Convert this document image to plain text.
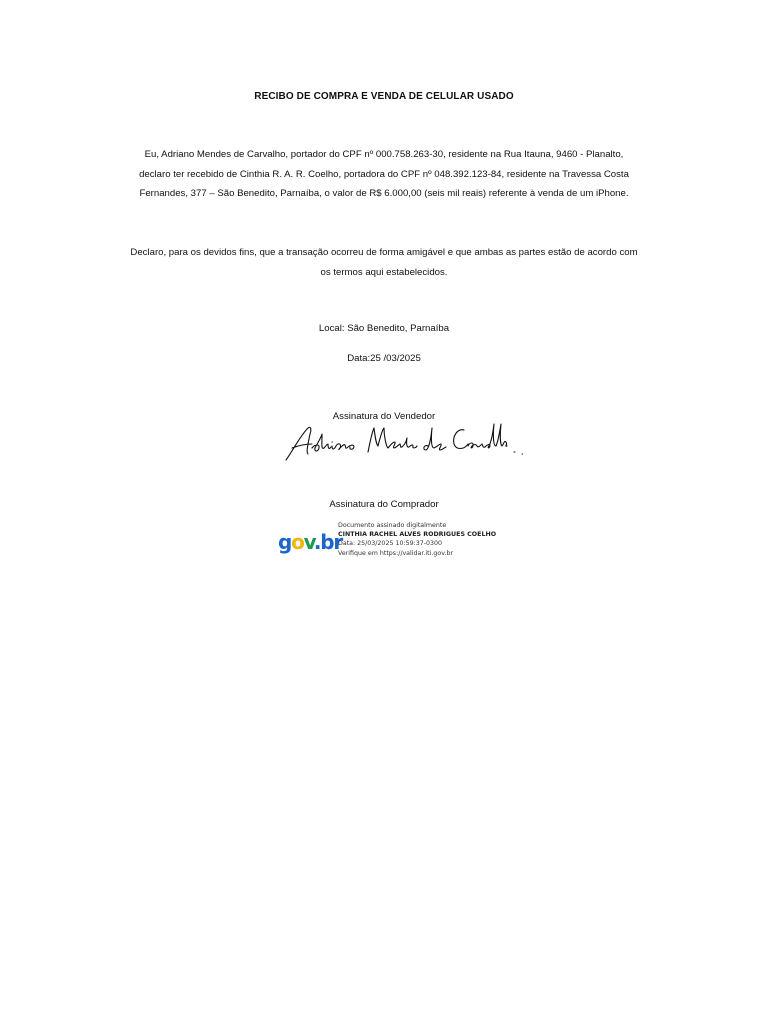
RECIBO DE COMPRA E VENDA DE CELULAR USADO
Eu, Adriano Mendes de Carvalho, portador do CPF nº 000.758.263-30, residente na Rua Itauna, 9460 - Planalto,
declaro ter recebido de Cinthia R. A. R. Coelho, portadora do CPF nº 048.392.123-84, residente na Travessa Costa
Fernandes, 377 – São Benedito, Parnaíba, o valor de R$ 6.000,00 (seis mil reais) referente à venda de um iPhone.
Declaro, para os devidos fins, que a transação ocorreu de forma amigável e que ambas as partes estão de acordo com
os termos aqui estabelecidos.
Local: São Benedito, Parnaíba
Data:25 /03/2025
Assinatura do Vendedor
Assinatura do Comprador
gov.br
Documento assinado digitalmente
CINTHIA RACHEL ALVES RODRIGUES COELHO
Data: 25/03/2025 10:59:37-0300
Verifique em https://validar.iti.gov.br
